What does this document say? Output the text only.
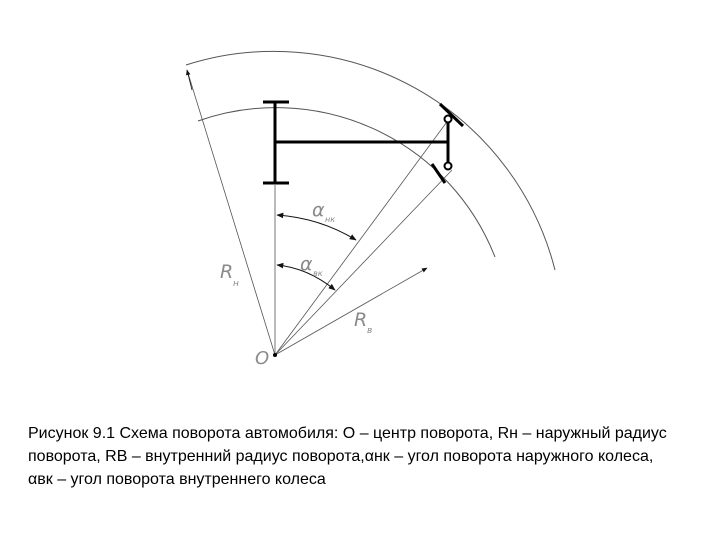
O
R
н
R в
α нк
α вк
Рисунок 9.1 Схема поворота автомобиля: О – центр поворота, Rн – наружный радиус поворота, RВ – внутренний радиус поворота,αнк – угол поворота наружного колеса, αвк – угол поворота внутреннего колеса
